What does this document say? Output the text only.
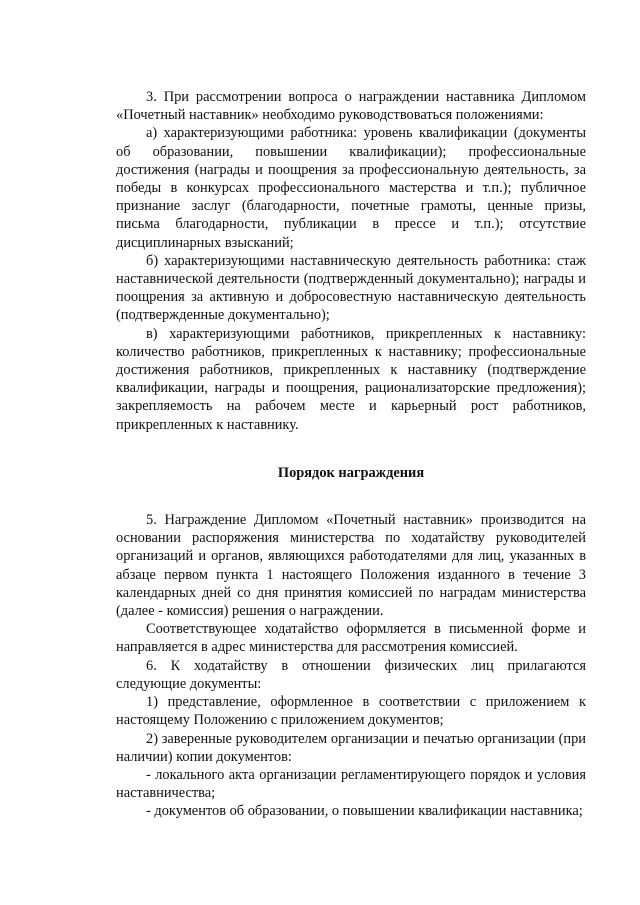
3. При рассмотрении вопроса о награждении наставника Дипломом «Почетный наставник» необходимо руководствоваться положениями:

а) характеризующими работника: уровень квалификации (документы об образовании, повышении квалификации); профессиональные достижения (награды и поощрения за профессиональную деятельность, за победы в конкурсах профессионального мастерства и т.п.); публичное признание заслуг (благодарности, почетные грамоты, ценные призы, письма благодарности, публикации в прессе и т.п.); отсутствие дисциплинарных взысканий;

б) характеризующими наставническую деятельность работника: стаж наставнической деятельности (подтвержденный документально); награды и поощрения за активную и добросовестную наставническую деятельность (подтвержденные документально);

в) характеризующими работников, прикрепленных к наставнику: количество работников, прикрепленных к наставнику; профессиональные достижения работников, прикрепленных к наставнику (подтверждение квалификации, награды и поощрения, рационализаторские предложения); закрепляемость на рабочем месте и карьерный рост работников, прикрепленных к наставнику.

Порядок награждения

5. Награждение Дипломом «Почетный наставник» производится на основании распоряжения министерства по ходатайству руководителей организаций и органов, являющихся работодателями для лиц, указанных в абзаце первом пункта 1 настоящего Положения изданного в течение 3 календарных дней со дня принятия комиссией по наградам министерства (далее - комиссия) решения о награждении.

Соответствующее ходатайство оформляется в письменной форме и направляется в адрес министерства для рассмотрения комиссией.

6. К ходатайству в отношении физических лиц прилагаются следующие документы:

1) представление, оформленное в соответствии с приложением к настоящему Положению с приложением документов;

2) заверенные руководителем организации и печатью организации (при наличии) копии документов:

- локального акта организации регламентирующего порядок и условия наставничества;

- документов об образовании, о повышении квалификации наставника;
